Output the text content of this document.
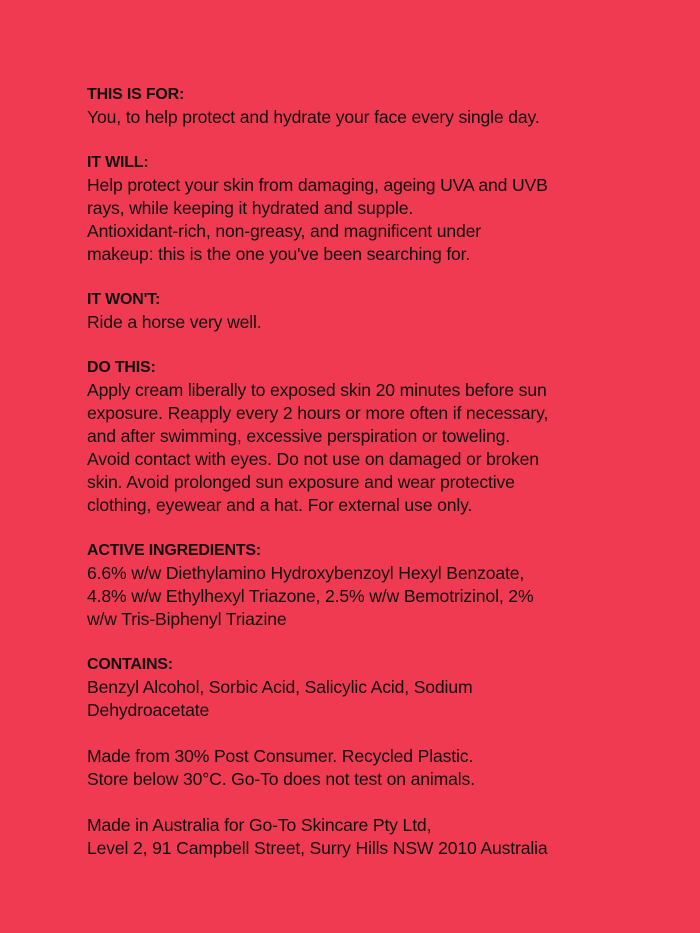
THIS IS FOR:
You, to help protect and hydrate your face every single day.
IT WILL:
Help protect your skin from damaging, ageing UVA and UVB
rays, while keeping it hydrated and supple.
Antioxidant-rich, non-greasy, and magnificent under
makeup: this is the one you've been searching for.
IT WON'T:
Ride a horse very well.
DO THIS:
Apply cream liberally to exposed skin 20 minutes before sun
exposure. Reapply every 2 hours or more often if necessary,
and after swimming, excessive perspiration or toweling.
Avoid contact with eyes. Do not use on damaged or broken
skin. Avoid prolonged sun exposure and wear protective
clothing, eyewear and a hat. For external use only.
ACTIVE INGREDIENTS:
6.6% w/w Diethylamino Hydroxybenzoyl Hexyl Benzoate,
4.8% w/w Ethylhexyl Triazone, 2.5% w/w Bemotrizinol, 2%
w/w Tris-Biphenyl Triazine
CONTAINS:
Benzyl Alcohol, Sorbic Acid, Salicylic Acid, Sodium
Dehydroacetate
Made from 30% Post Consumer. Recycled Plastic.
Store below 30°C. Go-To does not test on animals.
Made in Australia for Go-To Skincare Pty Ltd,
Level 2, 91 Campbell Street, Surry Hills NSW 2010 Australia
